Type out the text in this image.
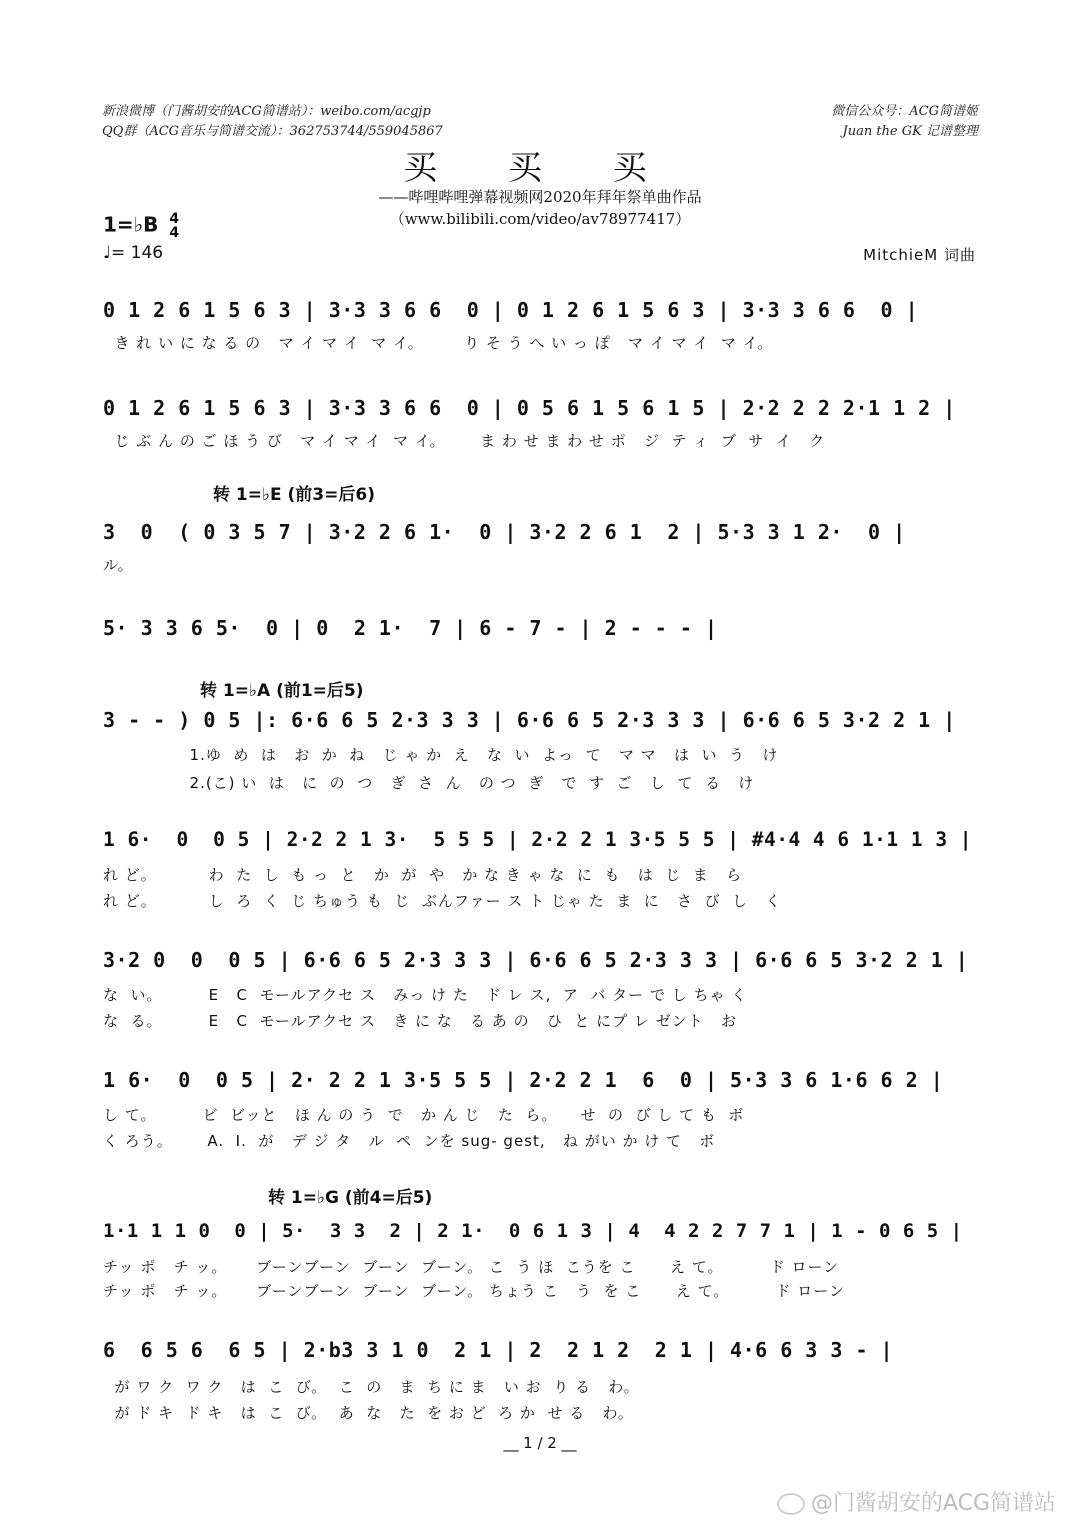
新浪微博（门酱胡安的ACG简谱站）：weibo.com/acgjp
QQ群（ACG音乐与简谱交流）：362753744/559045867
微信公众号：ACG简谱姬
Juan the GK 记谱整理
买 买 买
——哔哩哔哩弹幕视频网2020年拜年祭单曲作品
（www.bilibili.com/video/av78977417）
1=♭B 4
4
♩= 146	MitchieM 词曲
转 1=♭E (前3=后6)
转 1=♭A (前1=后5)
转 1=♭G (前4=后5)
0 1 2 6 1 5 6 3 | 3·3 3 6 6  0 | 0 1 2 6 1 5 6 3 | 3·3 3 6 6  0 |
き れ い に な る の   マ イ マ イ  マ イ。       り そ う へ い っ ぽ   マ イ マ イ  マ イ。
0 1 2 6 1 5 6 3 | 3·3 3 6 6  0 | 0 5 6 1 5 6 1 5 | 2·2 2 2 2·1 1 2 |
じ ぶ ん の ご ほ う び   マ イ マ イ  マ イ。      ま わ せ ま わ せ ポ   ジ  テ ィ  ブ  サ  イ   ク
3  0  ( 0 3 5 7 | 3·2 2 6 1·  0 | 3·2 2 6 1  2 | 5·3 3 1 2·  0 |
ル。
5· 3 3 6 5·  0 | 0  2 1·  7 | 6 - 7 - | 2 - - - |
3 - - ) 0 5 |: 6·6 6 5 2·3 3 3 | 6·6 6 5 2·3 3 3 | 6·6 6 5 3·2 2 1 |
1.ゆ  め  は   お  か  ね   じ ゃ か  え   な  い  よっ  て   マ マ   は  い  う   け
2.(こ) い  は   に  の  つ   ぎ  さ  ん   の つ  ぎ   で  す  ご   し  て  る   け
1 6·  0  0 5 | 2·2 2 1 3·  5 5 5 | 2·2 2 1 3·5 5 5 | #4·4 4 6 1·1 1 3 |
れ ど。         わ  た  し  も っ  と   か  が  や   か な き ゃ な  に  も   は  じ  ま   ら
れ ど。         し  ろ  く  じ ちゅう も  じ  ぶんファー ス ト じゃ た  ま  に   さ  び  し   く
3·2 0  0  0 5 | 6·6 6 5 2·3 3 3 | 6·6 6 5 2·3 3 3 | 6·6 6 5 3·2 2 1 |
な  い。        E   C  モールアクセ ス   みっ け た   ド レ ス,  ア  バ ター で し ちゃ く
な  る。        E   C  モールアクセ ス   き に な   る あ の   ひ  と にプ レ ゼント   お
1 6·  0  0 5 | 2· 2 2 1 3·5 5 5 | 2·2 2 1  6  0 | 5·3 3 6 1·6 6 2 |
し て。        ビ  ビッと   ほ ん の う  で   か ん じ   た  ら。    せ  の  び し て も  ボ
く ろう。      A.  I.  が   デ ジ タ   ル  ペ  ンを sug- gest,   ね がい か け て   ボ
1·1 1 1 0  0 | 5·  3 3  2 | 2 1·  0 6 1 3 | 4  4 2 2 7 7 1 | 1 - 0 6 5 |
チッ ポ   チ ッ。     ブーンブーン  ブーン  ブーン。 こ  う ほ  こうを こ      え て。        ド ローン
チッ ポ   チ ッ。     ブーンブーン  ブーン  ブーン。 ちょう こ   う  を こ      え て。        ド ローン
6  6 5 6  6 5 | 2·b3 3 1 0  2 1 | 2  2 1 2  2 1 | 4·6 6 3 3 - |
が ワ ク  ワ ク   は  こ  び。  こ  の   ま  ち に ま   い お  り る   わ。
が ド キ  ド キ   は  こ  び。  あ  な   た  を お ど  ろ か  せ る   わ。
__ 1 / 2 __
@门酱胡安的ACG简谱站
